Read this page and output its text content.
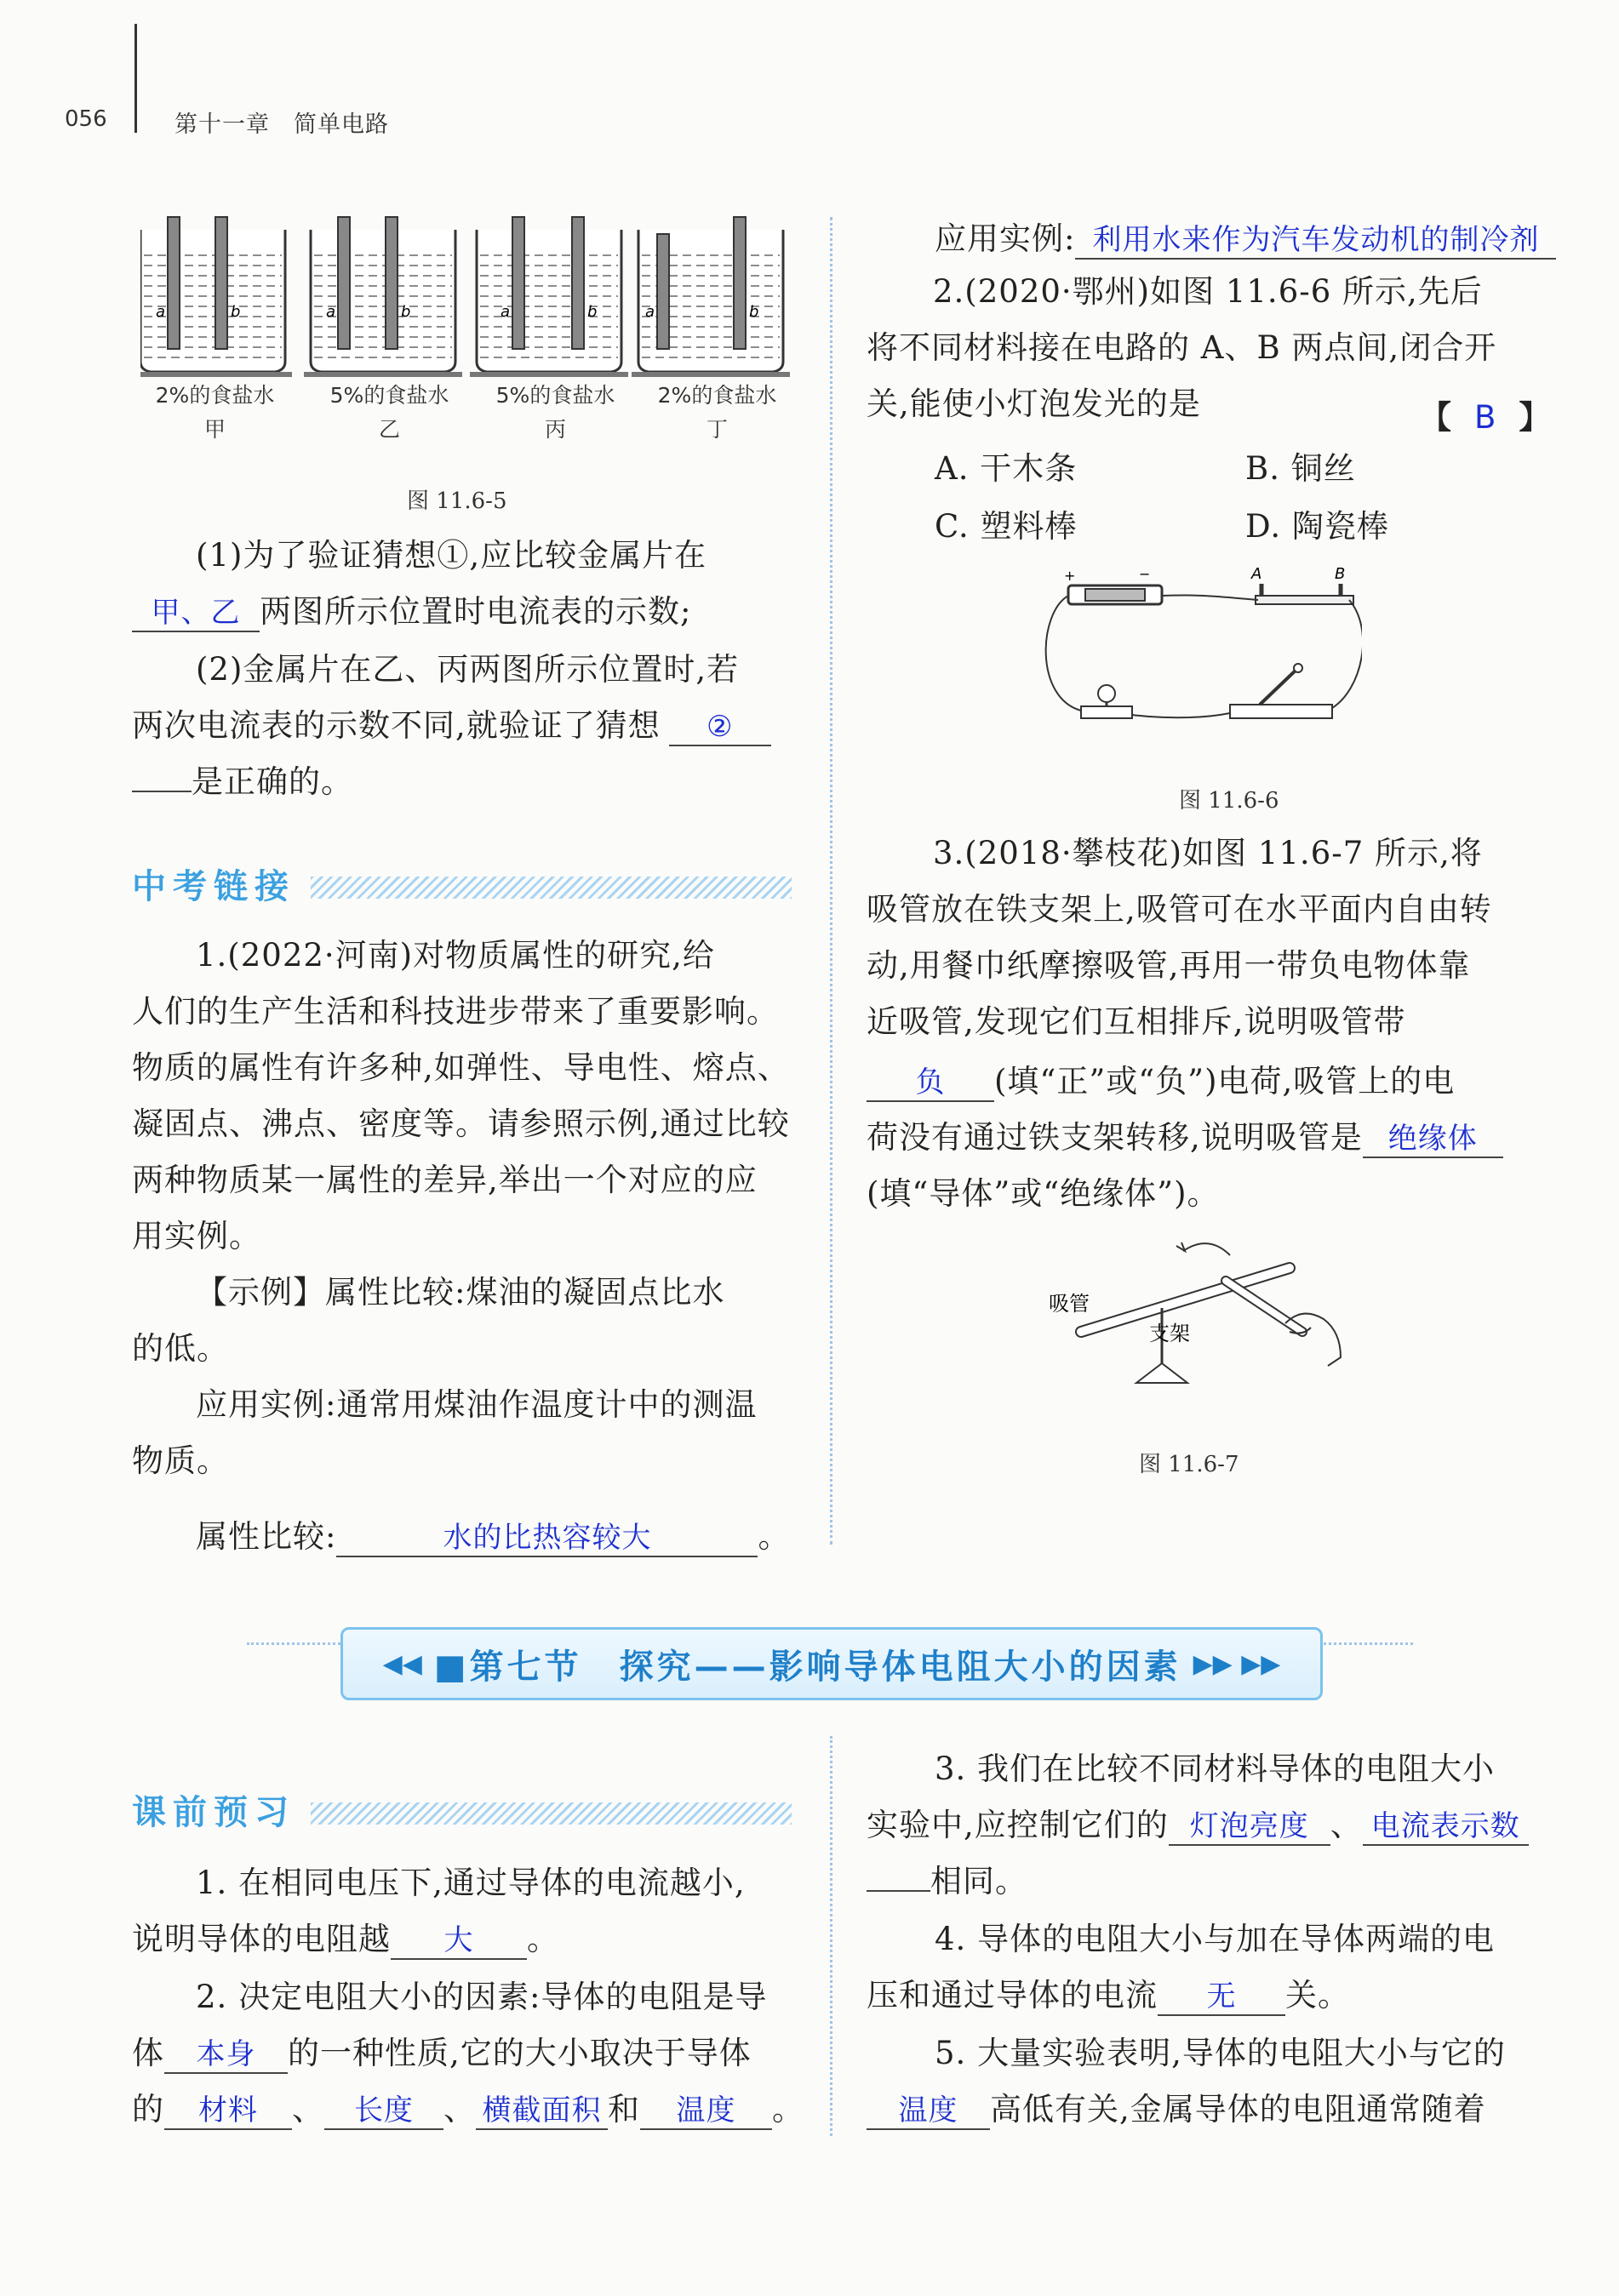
056	第十一章　简单电路
a	b	a	b	a	b	a	b
2%的食盐水	5%的食盐水	5%的食盐水	2%的食盐水
甲	乙	丙	丁
图 11.6-5
(1)为了验证猜想①,应比较金属片在
甲、乙 两图所示位置时电流表的示数;
(2)金属片在乙、丙两图所示位置时,若
两次电流表的示数不同,就验证了猜想 ②
是正确的。
中考链接
1.(2022·河南)对物质属性的研究,给
人们的生产生活和科技进步带来了重要影响。
物质的属性有许多种,如弹性、导电性、熔点、
凝固点、沸点、密度等。请参照示例,通过比较
两种物质某一属性的差异,举出一个对应的应
用实例。
【示例】属性比较:煤油的凝固点比水
的低。
应用实例:通常用煤油作温度计中的测温
物质。
属性比较:	水的比热容较大	。
应用实例: 利用水来作为汽车发动机的制冷剂
2.(2020·鄂州)如图 11.6-6 所示,先后
将不同材料接在电路的 A、B 两点间,闭合开
关,能使小灯泡发光的是	【 B 】
A. 干木条	B. 铜丝
C. 塑料棒	D. 陶瓷棒
+	−	A	B
图 11.6-6
3.(2018·攀枝花)如图 11.6-7 所示,将
吸管放在铁支架上,吸管可在水平面内自由转
动,用餐巾纸摩擦吸管,再用一带负电物体靠
近吸管,发现它们互相排斥,说明吸管带
负 (填“正”或“负”)电荷,吸管上的电
荷没有通过铁支架转移,说明吸管是 绝缘体
(填“导体”或“绝缘体”)。
吸管
支架
图 11.6-7
◀◀ ■第七节　探究——影响导体电阻大小的因素 ▶▶ ▶▶
课前预习
1. 在相同电压下,通过导体的电流越小,
说明导体的电阻越 大 。
2. 决定电阻大小的因素:导体的电阻是导
体 本身 的一种性质,它的大小取决于导体
的 材料 、 长度 、 横截面积 和 温度 。
3. 我们在比较不同材料导体的电阻大小
实验中,应控制它们的 灯泡亮度 、 电流表示数
相同。
4. 导体的电阻大小与加在导体两端的电
压和通过导体的电流 无 关。
5. 大量实验表明,导体的电阻大小与它的
温度 高低有关,金属导体的电阻通常随着
